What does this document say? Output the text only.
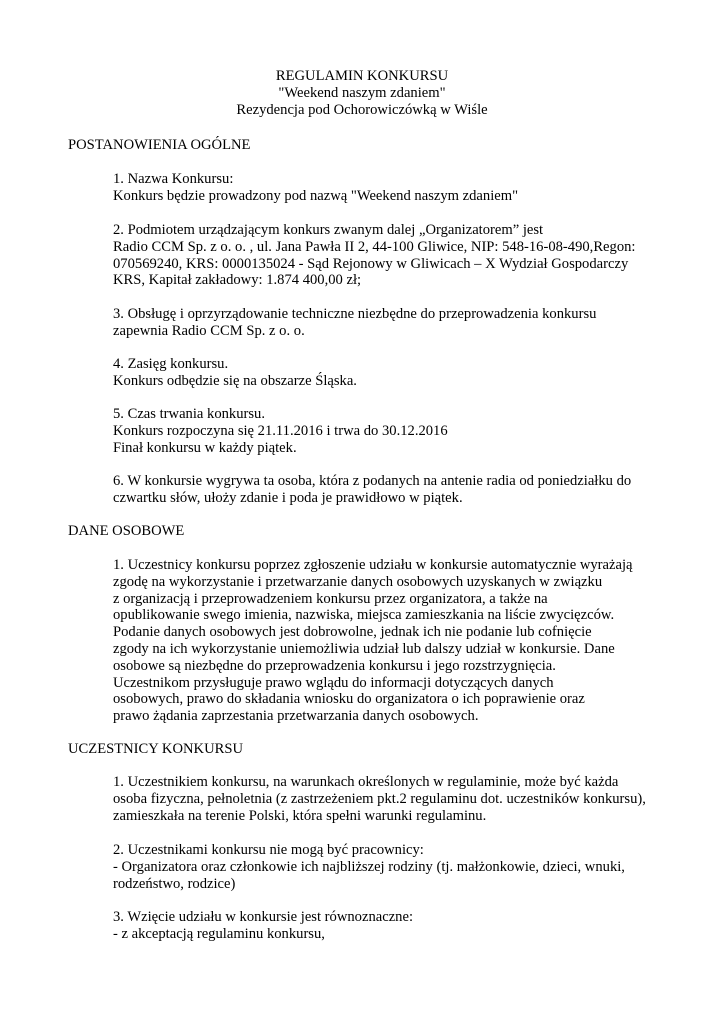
REGULAMIN KONKURSU
"Weekend naszym zdaniem"
Rezydencja pod Ochorowiczówką w Wiśle
POSTANOWIENIA OGÓLNE
1. Nazwa Konkursu:
Konkurs będzie prowadzony pod nazwą "Weekend naszym zdaniem"
2. Podmiotem urządzającym konkurs zwanym dalej „Organizatorem” jest
Radio CCM Sp. z o. o. , ul. Jana Pawła II 2, 44-100 Gliwice, NIP: 548-16-08-490,Regon:
070569240, KRS: 0000135024 - Sąd Rejonowy w Gliwicach – X Wydział Gospodarczy
KRS, Kapitał zakładowy: 1.874 400,00 zł;
3. Obsługę i oprzyrządowanie techniczne niezbędne do przeprowadzenia konkursu
zapewnia Radio CCM Sp. z o. o.
4. Zasięg konkursu.
Konkurs odbędzie się na obszarze Śląska.
5. Czas trwania konkursu.
Konkurs rozpoczyna się 21.11.2016 i trwa do 30.12.2016
Finał konkursu w każdy piątek.
6. W konkursie wygrywa ta osoba, która z podanych na antenie radia od poniedziałku do
czwartku słów, ułoży zdanie i poda je prawidłowo w piątek.
DANE OSOBOWE
1. Uczestnicy konkursu poprzez zgłoszenie udziału w konkursie automatycznie wyrażają
zgodę na wykorzystanie i przetwarzanie danych osobowych uzyskanych w związku
z organizacją i przeprowadzeniem konkursu przez organizatora, a także na
opublikowanie swego imienia, nazwiska, miejsca zamieszkania na liście zwycięzców.
Podanie danych osobowych jest dobrowolne, jednak ich nie podanie lub cofnięcie
zgody na ich wykorzystanie uniemożliwia udział lub dalszy udział w konkursie. Dane
osobowe są niezbędne do przeprowadzenia konkursu i jego rozstrzygnięcia.
Uczestnikom przysługuje prawo wglądu do informacji dotyczących danych
osobowych, prawo do składania wniosku do organizatora o ich poprawienie oraz
prawo żądania zaprzestania przetwarzania danych osobowych.
UCZESTNICY KONKURSU
1. Uczestnikiem konkursu, na warunkach określonych w regulaminie, może być każda
osoba fizyczna, pełnoletnia (z zastrzeżeniem pkt.2 regulaminu dot. uczestników konkursu),
zamieszkała na terenie Polski, która spełni warunki regulaminu.
2. Uczestnikami konkursu nie mogą być pracownicy:
- Organizatora oraz członkowie ich najbliższej rodziny (tj. małżonkowie, dzieci, wnuki,
rodzeństwo, rodzice)
3. Wzięcie udziału w konkursie jest równoznaczne:
- z akceptacją regulaminu konkursu,
